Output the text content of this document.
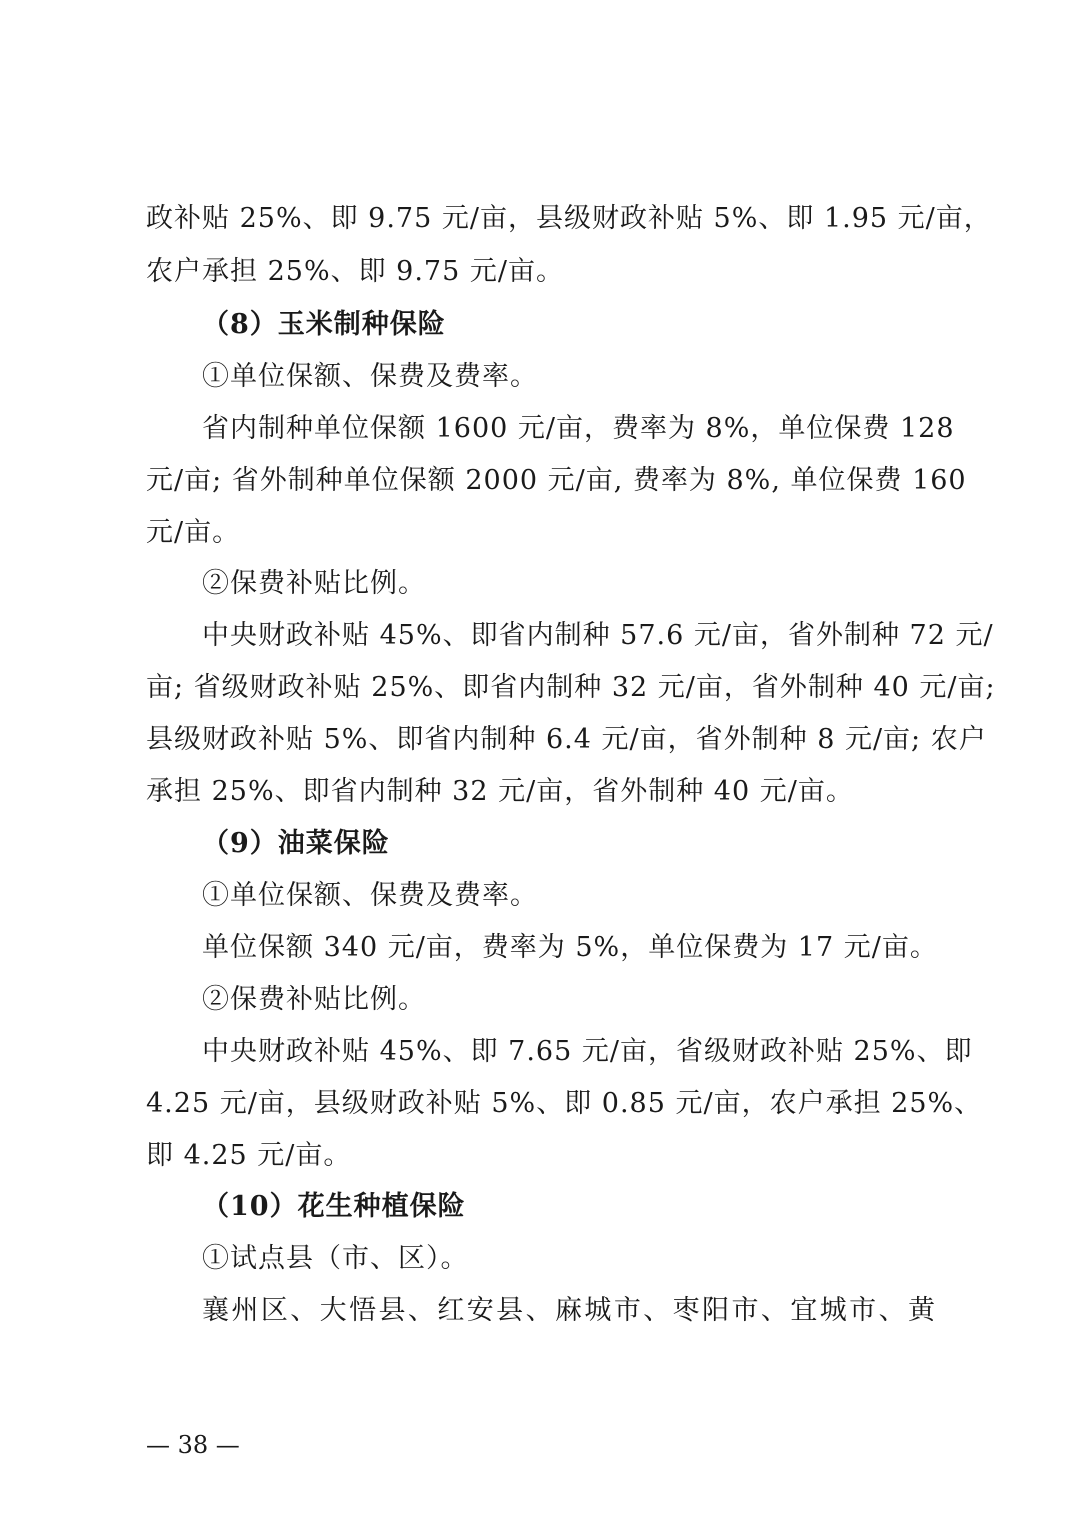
政补贴 25%、即 9.75 元/亩，县级财政补贴 5%、即 1.95 元/亩，
农户承担 25%、即 9.75 元/亩。
（8）玉米制种保险
①单位保额、保费及费率。
省内制种单位保额 1600 元/亩，费率为 8%，单位保费 128
元/亩; 省外制种单位保额 2000 元/亩, 费率为 8%, 单位保费 160
元/亩。
②保费补贴比例。
中央财政补贴 45%、即省内制种 57.6 元/亩，省外制种 72 元/
亩; 省级财政补贴 25%、即省内制种 32 元/亩，省外制种 40 元/亩;
县级财政补贴 5%、即省内制种 6.4 元/亩，省外制种 8 元/亩; 农户
承担 25%、即省内制种 32 元/亩，省外制种 40 元/亩。
（9）油菜保险
①单位保额、保费及费率。
单位保额 340 元/亩，费率为 5%，单位保费为 17 元/亩。
②保费补贴比例。
中央财政补贴 45%、即 7.65 元/亩，省级财政补贴 25%、即
4.25 元/亩，县级财政补贴 5%、即 0.85 元/亩，农户承担 25%、
即 4.25 元/亩。
（10）花生种植保险
①试点县（市、区）。
襄州区、大悟县、红安县、麻城市、枣阳市、宜城市、黄
— 38 —
